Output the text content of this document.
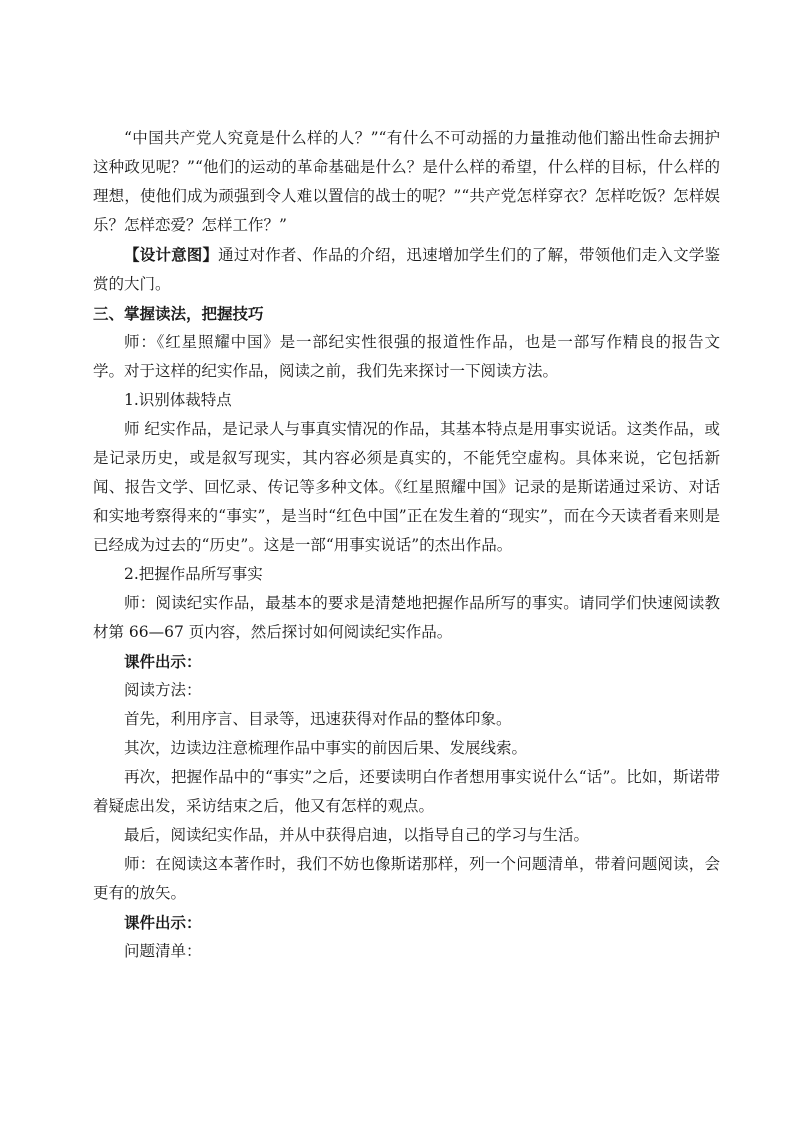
“中国共产党人究竟是什么样的人？”“有什么不可动摇的力量推动他们豁出性命去拥护这种政见呢？”“他们的运动的革命基础是什么？是什么样的希望，什么样的目标，什么样的理想，使他们成为顽强到令人难以置信的战士的呢？”“共产党怎样穿衣？怎样吃饭？怎样娱乐？怎样恋爱？怎样工作？”

【设计意图】通过对作者、作品的介绍，迅速增加学生们的了解，带领他们走入文学鉴赏的大门。

三、掌握读法，把握技巧

师：《红星照耀中国》是一部纪实性很强的报道性作品，也是一部写作精良的报告文学。对于这样的纪实作品，阅读之前，我们先来探讨一下阅读方法。

1.识别体裁特点

师 纪实作品，是记录人与事真实情况的作品，其基本特点是用事实说话。这类作品，或是记录历史，或是叙写现实，其内容必须是真实的，不能凭空虚构。具体来说，它包括新闻、报告文学、回忆录、传记等多种文体。《红星照耀中国》记录的是斯诺通过采访、对话和实地考察得来的“事实”，是当时“红色中国”正在发生着的“现实”，而在今天读者看来则是已经成为过去的“历史”。这是一部“用事实说话”的杰出作品。

2.把握作品所写事实

师：阅读纪实作品，最基本的要求是清楚地把握作品所写的事实。请同学们快速阅读教材第 66—67 页内容，然后探讨如何阅读纪实作品。

课件出示：

阅读方法：

首先，利用序言、目录等，迅速获得对作品的整体印象。

其次，边读边注意梳理作品中事实的前因后果、发展线索。

再次，把握作品中的“事实”之后，还要读明白作者想用事实说什么“话”。比如，斯诺带着疑虑出发，采访结束之后，他又有怎样的观点。

最后，阅读纪实作品，并从中获得启迪，以指导自己的学习与生活。

师：在阅读这本著作时，我们不妨也像斯诺那样，列一个问题清单，带着问题阅读，会更有的放矢。

课件出示：

问题清单：
